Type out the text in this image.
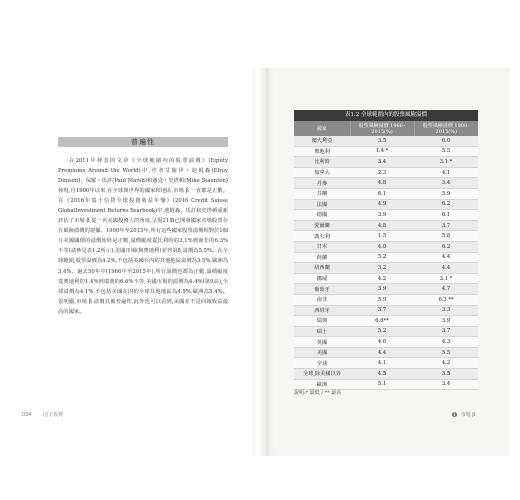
普遍性

在2011年發表的文章《全球範圍內的股票溢價》(Equity Premiums Around the World)中,作者艾羅伊・迪姆森(Elroy Dimson)、保羅・馬許(Paul Marsh)和邁克・史塔頓(Mike Staunton)發現,自1900年以來,在全球與世界的國家和地區,市場 β 一直都是正數。在《2016年瑞士信貸全球投資收益年鑒》(2016 Credit Suisse GlobalInvestment Returns Yearbook)中,迪姆森、馬許和史塔頓重新評估了市場 β,從一名美國投資人的角度,呈現21個已開發國家市場股票存在風險溢價的證據。1900年至2015年,所有這些國家股票溢價相對於1個月美國國債的溢價始終是正數,溢價幅度從比利時的3.1%到南非的6.3%不等(請參見表1.2所示),美國市場(與奧地利)並列第8,溢價為5.5%。在全球範圍,股票溢價為4.2%,不包括美國在內的其他地區溢價為3.5%,歐洲為3.4%。過去50年中(1966年至2015年),所有溢價也都為正數,溢價幅度從奧地利的1.4%到瑞典的6.6%不等,美國市場的溢價為4.4%(第9高),全球溢價為4.1%,不包括美國在內的全球其他地區為4.5%,歐洲為5.4%。很明顯,市場 β 溢價具備普遍性,此外也可以看到,美國並不是回報收益最高的國家。

034 因子投資
表1.2 全球範圍內的股票風險溢價
國家	股票風險溢價 1966–2015(%)	股票風險溢價 1900–2015(%)
澳大利亞	3.5	6.0
奧地利	1.4 *	5.5
比利時	3.4	3.1 *
加拿大	2.3	4.1
丹麥	4.8	3.4
芬蘭	6.1	5.9
法國	4.9	6.2
德國	3.9	6.1
愛爾蘭	4.8	3.7
義大利	1.5	5.8
日本	4.0	6.2
荷蘭	5.2	4.4
紐西蘭	3.2	4.4
挪威	4.2	3.1 *
葡萄牙	3.9	4.7
南非	5.9	6.3 **
西班牙	3.7	3.3
瑞典	6.6**	3.9
瑞士	5.2	3.7
英國	4.6	4.3
美國	4.4	5.5
全球	4.1	4.2
全球,除美國以外	4.5	3.5
歐洲	5.1	3.4
說明:* 最低 / ** 最高
1 市場 β
